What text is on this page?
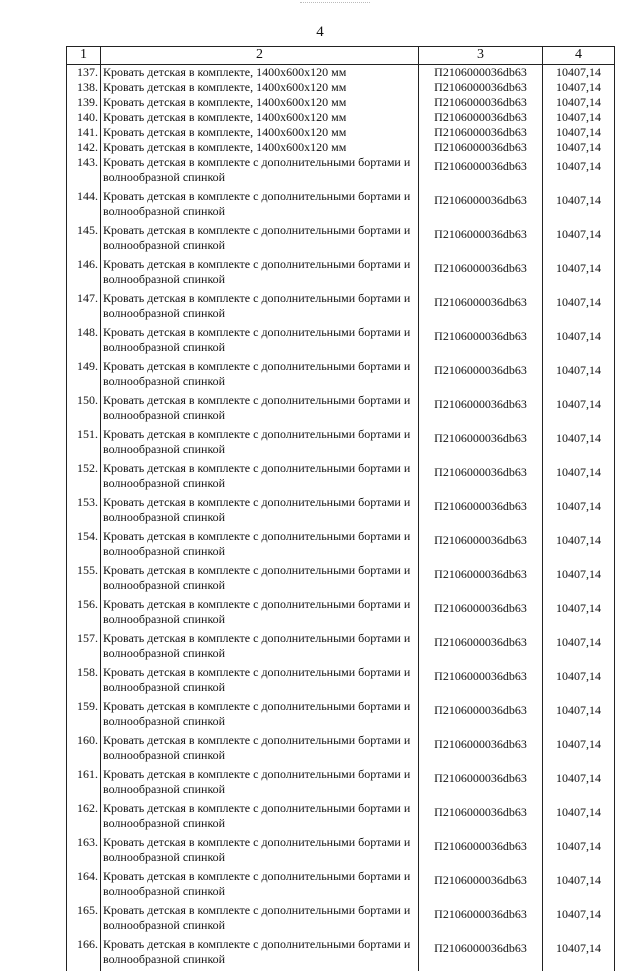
4
1	2	3	4
137.	Кровать детская в комплекте, 1400х600х120 мм	П2106000036db63	10407,14
138.	Кровать детская в комплекте, 1400х600х120 мм	П2106000036db63	10407,14
139.	Кровать детская в комплекте, 1400х600х120 мм	П2106000036db63	10407,14
140.	Кровать детская в комплекте, 1400х600х120 мм	П2106000036db63	10407,14
141.	Кровать детская в комплекте, 1400х600х120 мм	П2106000036db63	10407,14
142.	Кровать детская в комплекте, 1400х600х120 мм	П2106000036db63	10407,14
143.	Кровать детская в комплекте с дополнительными бортами и волнообразной спинкой	П2106000036db63	10407,14
144.	Кровать детская в комплекте с дополнительными бортами и волнообразной спинкой	П2106000036db63	10407,14
145.	Кровать детская в комплекте с дополнительными бортами и волнообразной спинкой	П2106000036db63	10407,14
146.	Кровать детская в комплекте с дополнительными бортами и волнообразной спинкой	П2106000036db63	10407,14
147.	Кровать детская в комплекте с дополнительными бортами и волнообразной спинкой	П2106000036db63	10407,14
148.	Кровать детская в комплекте с дополнительными бортами и волнообразной спинкой	П2106000036db63	10407,14
149.	Кровать детская в комплекте с дополнительными бортами и волнообразной спинкой	П2106000036db63	10407,14
150.	Кровать детская в комплекте с дополнительными бортами и волнообразной спинкой	П2106000036db63	10407,14
151.	Кровать детская в комплекте с дополнительными бортами и волнообразной спинкой	П2106000036db63	10407,14
152.	Кровать детская в комплекте с дополнительными бортами и волнообразной спинкой	П2106000036db63	10407,14
153.	Кровать детская в комплекте с дополнительными бортами и волнообразной спинкой	П2106000036db63	10407,14
154.	Кровать детская в комплекте с дополнительными бортами и волнообразной спинкой	П2106000036db63	10407,14
155.	Кровать детская в комплекте с дополнительными бортами и волнообразной спинкой	П2106000036db63	10407,14
156.	Кровать детская в комплекте с дополнительными бортами и волнообразной спинкой	П2106000036db63	10407,14
157.	Кровать детская в комплекте с дополнительными бортами и волнообразной спинкой	П2106000036db63	10407,14
158.	Кровать детская в комплекте с дополнительными бортами и волнообразной спинкой	П2106000036db63	10407,14
159.	Кровать детская в комплекте с дополнительными бортами и волнообразной спинкой	П2106000036db63	10407,14
160.	Кровать детская в комплекте с дополнительными бортами и волнообразной спинкой	П2106000036db63	10407,14
161.	Кровать детская в комплекте с дополнительными бортами и волнообразной спинкой	П2106000036db63	10407,14
162.	Кровать детская в комплекте с дополнительными бортами и волнообразной спинкой	П2106000036db63	10407,14
163.	Кровать детская в комплекте с дополнительными бортами и волнообразной спинкой	П2106000036db63	10407,14
164.	Кровать детская в комплекте с дополнительными бортами и волнообразной спинкой	П2106000036db63	10407,14
165.	Кровать детская в комплекте с дополнительными бортами и волнообразной спинкой	П2106000036db63	10407,14
166.	Кровать детская в комплекте с дополнительными бортами и волнообразной спинкой	П2106000036db63	10407,14
